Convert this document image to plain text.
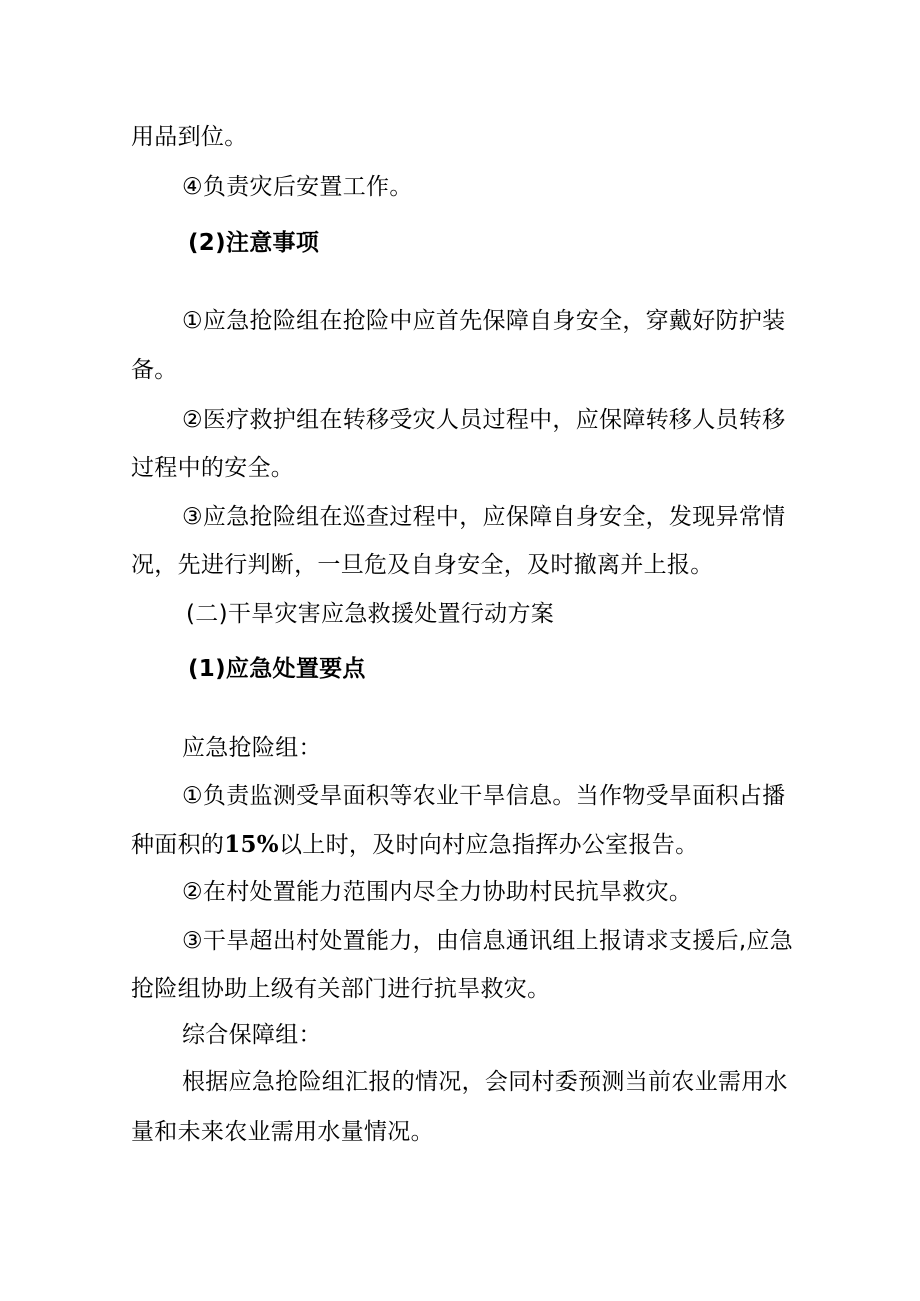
用品到位。

④负责灾后安置工作。

(2)注意事项

①应急抢险组在抢险中应首先保障自身安全，穿戴好防护装

备。

②医疗救护组在转移受灾人员过程中，应保障转移人员转移

过程中的安全。

③应急抢险组在巡查过程中，应保障自身安全，发现异常情

况，先进行判断，一旦危及自身安全，及时撤离并上报。

(二)干旱灾害应急救援处置行动方案

(1)应急处置要点

应急抢险组：

①负责监测受旱面积等农业干旱信息。当作物受旱面积占播

种面积的15%以上时，及时向村应急指挥办公室报告。

②在村处置能力范围内尽全力协助村民抗旱救灾。

③干旱超出村处置能力，由信息通讯组上报请求支援后,应急

抢险组协助上级有关部门进行抗旱救灾。

综合保障组：

根据应急抢险组汇报的情况，会同村委预测当前农业需用水

量和未来农业需用水量情况。
